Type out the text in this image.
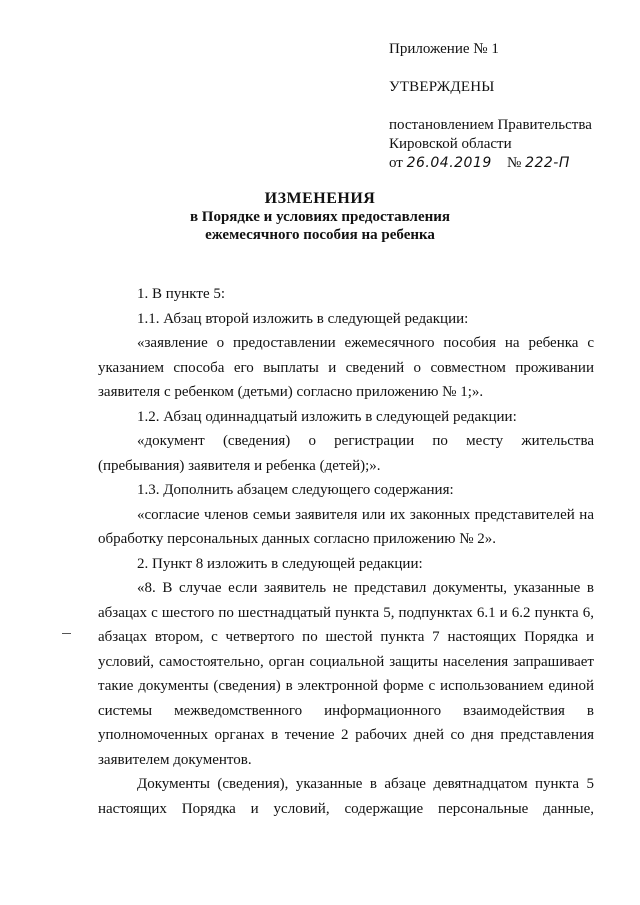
Приложение № 1

УТВЕРЖДЕНЫ

постановлением Правительства

Кировской области

от 26.04.2019 № 222-П

ИЗМЕНЕНИЯ
в Порядке и условиях предоставления
ежемесячного пособия на ребенка

1. В пункте 5:

1.1. Абзац второй изложить в следующей редакции:

«заявление о предоставлении ежемесячного пособия на ребенка с указанием способа его выплаты и сведений о совместном проживании заявителя с ребенком (детьми) согласно приложению № 1;».

1.2. Абзац одиннадцатый изложить в следующей редакции:

«документ (сведения) о регистрации по месту жительства (пребывания) заявителя и ребенка (детей);».

1.3. Дополнить абзацем следующего содержания:

«согласие членов семьи заявителя или их законных представителей на обработку персональных данных согласно приложению № 2».

2. Пункт 8 изложить в следующей редакции:

«8. В случае если заявитель не представил документы, указанные в абзацах с шестого по шестнадцатый пункта 5, подпунктах 6.1 и 6.2 пункта 6, абзацах втором, с четвертого по шестой пункта 7 настоящих Порядка и условий, самостоятельно, орган социальной защиты населения запрашивает такие документы (сведения) в электронной форме с использованием единой системы межведомственного информационного взаимодействия в уполномоченных органах в течение 2 рабочих дней со дня представления заявителем документов.

Документы (сведения), указанные в абзаце девятнадцатом пункта 5 настоящих Порядка и условий, содержащие персональные данные,
